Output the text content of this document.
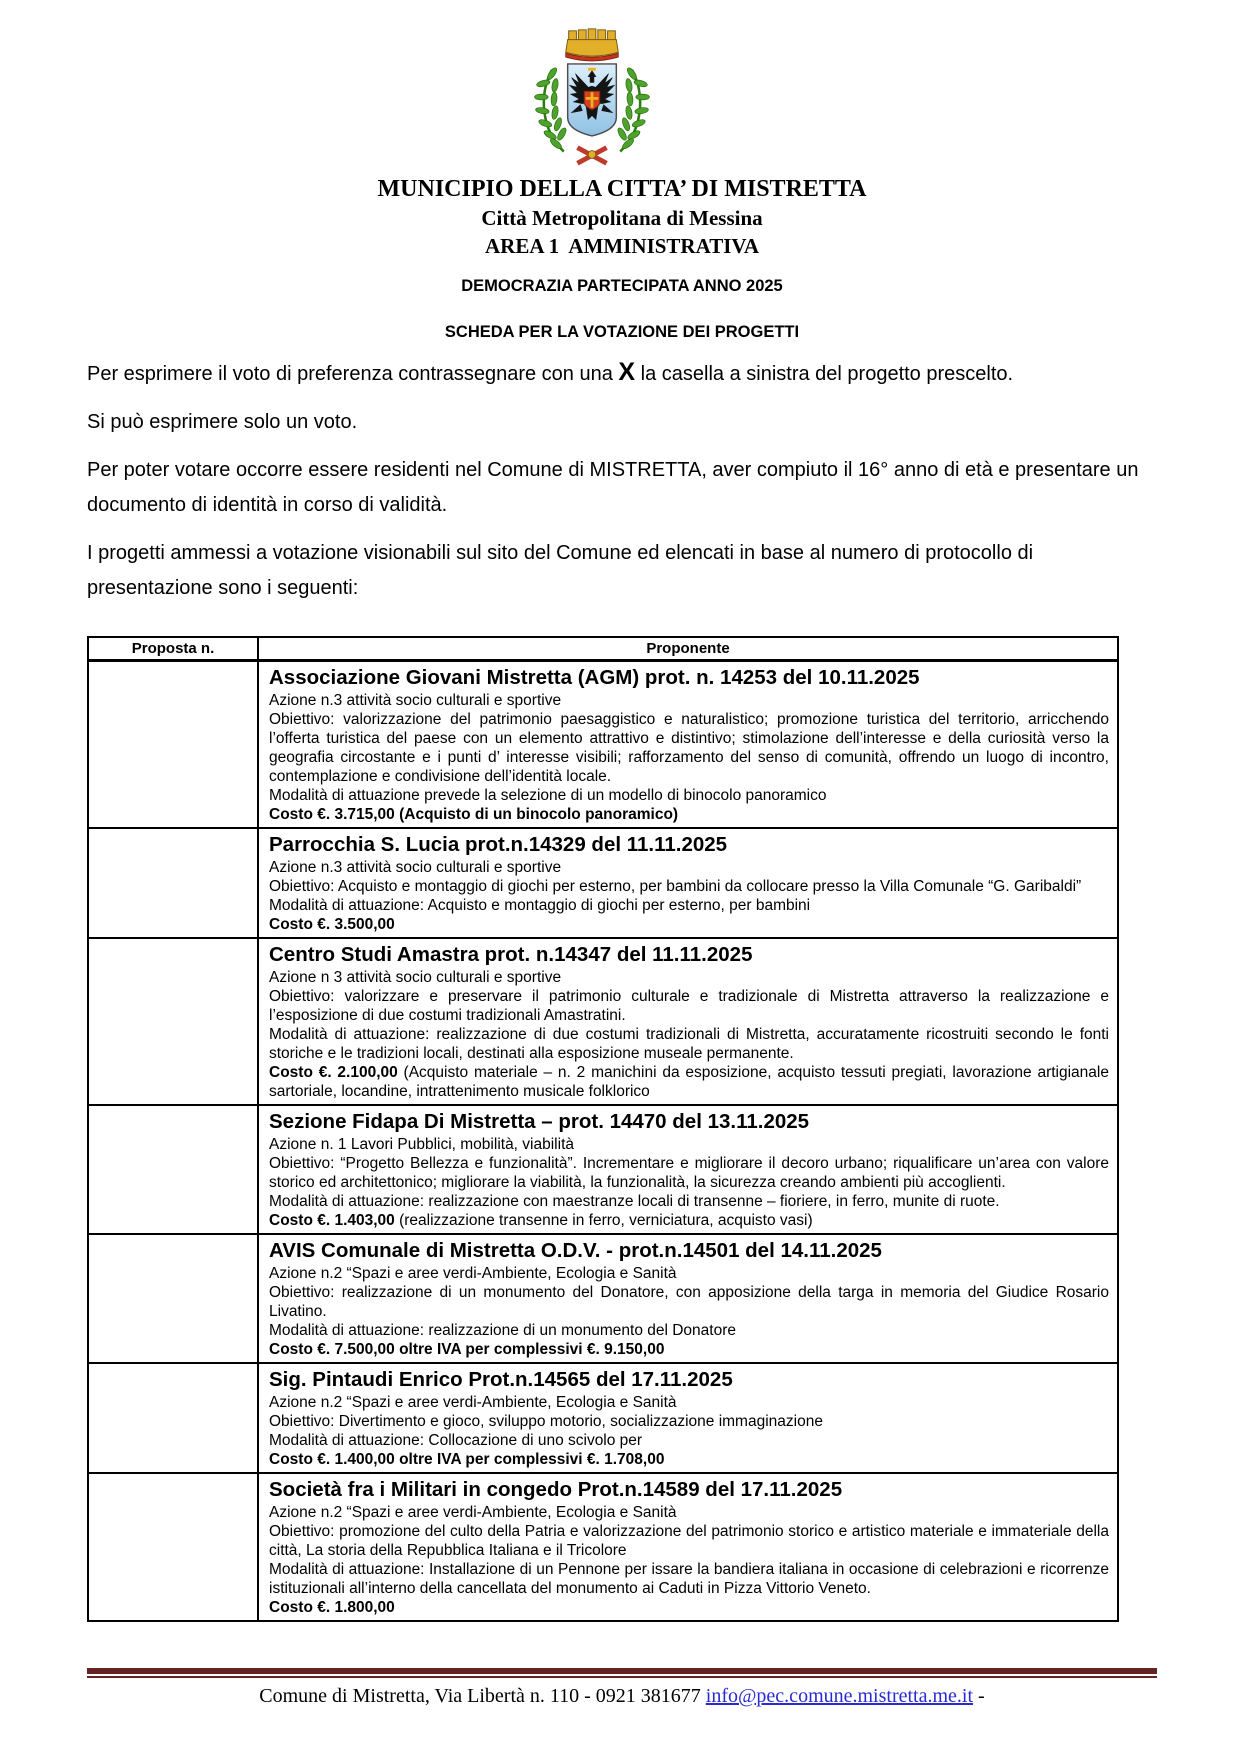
MUNICIPIO DELLA CITTA’ DI MISTRETTA
Città Metropolitana di Messina
AREA 1  AMMINISTRATIVA
DEMOCRAZIA PARTECIPATA ANNO 2025
SCHEDA PER LA VOTAZIONE DEI PROGETTI

Per esprimere il voto di preferenza contrassegnare con una X la casella a sinistra del progetto prescelto.

Si può esprimere solo un voto.

Per poter votare occorre essere residenti nel Comune di MISTRETTA, aver compiuto il 16° anno di età e presentare un documento di identità in corso di validità.

I progetti ammessi a votazione visionabili sul sito del Comune ed elencati in base al numero di protocollo di presentazione sono i seguenti:

Proposta n.	Proponente

	Associazione Giovani Mistretta (AGM) prot. n. 14253 del 10.11.2025
Azione n.3 attività socio culturali e sportive
Obiettivo: valorizzazione del patrimonio paesaggistico e naturalistico; promozione turistica del territorio, arricchendo l’offerta turistica del paese con un elemento attrattivo e distintivo; stimolazione dell’interesse e della curiosità verso la geografia circostante e i punti d’ interesse visibili; rafforzamento del senso di comunità, offrendo un luogo di incontro, contemplazione e condivisione dell’identità locale.
Modalità di attuazione prevede la selezione di un modello di binocolo panoramico
Costo €. 3.715,00 (Acquisto di un binocolo panoramico)

	Parrocchia S. Lucia prot.n.14329 del 11.11.2025
Azione n.3 attività socio culturali e sportive
Obiettivo: Acquisto e montaggio di giochi per esterno, per bambini da collocare presso la Villa Comunale “G. Garibaldi”
Modalità di attuazione: Acquisto e montaggio di giochi per esterno, per bambini
Costo €. 3.500,00

	Centro Studi Amastra prot. n.14347 del 11.11.2025
Azione n 3 attività socio culturali e sportive
Obiettivo: valorizzare e preservare il patrimonio culturale e tradizionale di Mistretta attraverso la realizzazione e l’esposizione di due costumi tradizionali Amastratini.
Modalità di attuazione: realizzazione di due costumi tradizionali di Mistretta, accuratamente ricostruiti secondo le fonti storiche e le tradizioni locali, destinati alla esposizione museale permanente.
Costo €. 2.100,00 (Acquisto materiale – n. 2 manichini da esposizione, acquisto tessuti pregiati, lavorazione artigianale sartoriale, locandine, intrattenimento musicale folklorico

	Sezione Fidapa Di Mistretta – prot. 14470 del 13.11.2025
Azione n. 1 Lavori Pubblici, mobilità, viabilità
Obiettivo: “Progetto Bellezza e funzionalità”. Incrementare e migliorare il decoro urbano; riqualificare un’area con valore storico ed architettonico; migliorare la viabilità, la funzionalità, la sicurezza creando ambienti più accoglienti.
Modalità di attuazione: realizzazione con maestranze locali di transenne – fioriere, in ferro, munite di ruote.
Costo €. 1.403,00 (realizzazione transenne in ferro, verniciatura, acquisto vasi)

	AVIS Comunale di Mistretta O.D.V. - prot.n.14501 del 14.11.2025
Azione n.2 “Spazi e aree verdi-Ambiente, Ecologia e Sanità
Obiettivo: realizzazione di un monumento del Donatore, con apposizione della targa in memoria del Giudice Rosario Livatino.
Modalità di attuazione: realizzazione di un monumento del Donatore
Costo €. 7.500,00 oltre IVA per complessivi €. 9.150,00

	Sig. Pintaudi Enrico Prot.n.14565 del 17.11.2025
Azione n.2 “Spazi e aree verdi-Ambiente, Ecologia e Sanità
Obiettivo: Divertimento e gioco, sviluppo motorio, socializzazione immaginazione
Modalità di attuazione: Collocazione di uno scivolo per
Costo €. 1.400,00 oltre IVA per complessivi €. 1.708,00

	Società fra i Militari in congedo Prot.n.14589 del 17.11.2025
Azione n.2 “Spazi e aree verdi-Ambiente, Ecologia e Sanità
Obiettivo: promozione del culto della Patria e valorizzazione del patrimonio storico e artistico materiale e immateriale della città, La storia della Repubblica Italiana e il Tricolore
Modalità di attuazione: Installazione di un Pennone per issare la bandiera italiana in occasione di celebrazioni e ricorrenze istituzionali all’interno della cancellata del monumento ai Caduti in Pizza Vittorio Veneto.
Costo €. 1.800,00
Comune di Mistretta, Via Libertà n. 110 - 0921 381677 info@pec.comune.mistretta.me.it -
